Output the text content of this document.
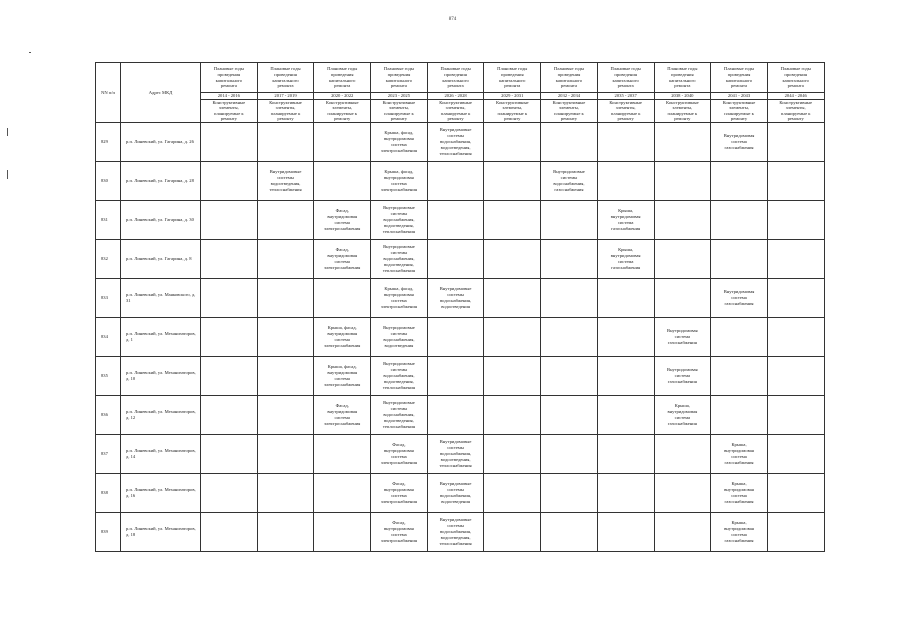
874
NN п/п	Адрес МКД	Плановые годы
проведения
капитального
ремонта	Плановые годы
проведения
капитального
ремонта	Плановые годы
проведения
капитального
ремонта	Плановые годы
проведения
капитального
ремонта	Плановые годы
проведения
капитального
ремонта	Плановые годы
проведения
капитального
ремонта	Плановые годы
проведения
капитального
ремонта	Плановые годы
проведения
капитального
ремонта	Плановые годы
проведения
капитального
ремонта	Плановые годы
проведения
капитального
ремонта	Плановые годы
проведения
капитального
ремонта
		2014 - 2016	2017 - 2019	2020 - 2022	2023 - 2025	2026 - 2028	2029 - 2031	2032 - 2034	2035 - 2037	2038 - 2040	2041 - 2043	2044 - 2046
		Конструктивные
элементы,
планируемые к
ремонту	Конструктивные
элементы,
планируемые к
ремонту	Конструктивные
элементы,
планируемые к
ремонту	Конструктивные
элементы,
планируемые к
ремонту	Конструктивные
элементы,
планируемые к
ремонту	Конструктивные
элементы,
планируемые к
ремонту	Конструктивные
элементы,
планируемые к
ремонту	Конструктивные
элементы,
планируемые к
ремонту	Конструктивные
элементы,
планируемые к
ремонту	Конструктивные
элементы,
планируемые к
ремонту	Конструктивные
элементы,
планируемые к
ремонту
829	р.п. Линевский, ул. Гагарина, д. 26				Крыша, фасад,
внутридомовая
система
электроснабжения	Внутридомовые
системы
водоснабжения,
водоотведения,
теплоснабжения					Внутридомовая
система
газоснабжения	
830	р.п. Линевский, ул. Гагарина, д. 28		Внутридомовые
системы
водоотведения,
теплоснабжения		Крыша, фасад,
внутридомовая
система
электроснабжения			Внутридомовые
системы
водоснабжения,
газоснабжения				
831	р.п. Линевский, ул. Гагарина, д. 30			Фасад,
внутридомовая
система
электроснабжения	Внутридомовые
системы
водоснабжения,
водоотведения,
теплоснабжения				Крыша,
внутридомовая
система
газоснабжения			
832	р.п. Линевский, ул. Гагарина, д. 8			Фасад,
внутридомовая
система
электроснабжения	Внутридомовые
системы
водоснабжения,
водоотведения,
теплоснабжения				Крыша,
внутридомовая
система
газоснабжения			
833	р.п. Линевский, ул. Маяковского, д. 31				Крыша, фасад,
внутридомовая
система
электроснабжения	Внутридомовые
системы
водоснабжения,
водоотведения					Внутридомовая
система
газоснабжения	
834	р.п. Линевский, ул. Механизаторов, д. 1			Крыша, фасад,
внутридомовая
система
электроснабжения	Внутридомовые
системы
водоснабжения,
водоотведения					Внутридомовая
система
газоснабжения		
835	р.п. Линевский, ул. Механизаторов, д. 10			Крыша, фасад,
внутридомовая
система
электроснабжения	Внутридомовые
системы
водоснабжения,
водоотведения,
теплоснабжения					Внутридомовая
система
газоснабжения		
836	р.п. Линевский, ул. Механизаторов, д. 12			Фасад,
внутридомовая
система
электроснабжения	Внутридомовые
системы
водоснабжения,
водоотведения,
теплоснабжения					Крыша,
внутридомовая
система
газоснабжения		
837	р.п. Линевский, ул. Механизаторов, д. 14				Фасад,
внутридомовая
система
электроснабжения	Внутридомовые
системы
водоснабжения,
водоотведения,
теплоснабжения					Крыша,
внутридомовая
система
газоснабжения	
838	р.п. Линевский, ул. Механизаторов, д. 16				Фасад,
внутридомовая
система
электроснабжения	Внутридомовые
системы
водоснабжения,
водоотведения					Крыша,
внутридомовая
система
газоснабжения	
839	р.п. Линевский, ул. Механизаторов, д. 18				Фасад,
внутридомовая
система
электроснабжения	Внутридомовые
системы
водоснабжения,
водоотведения,
теплоснабжения					Крыша,
внутридомовая
система
газоснабжения	
